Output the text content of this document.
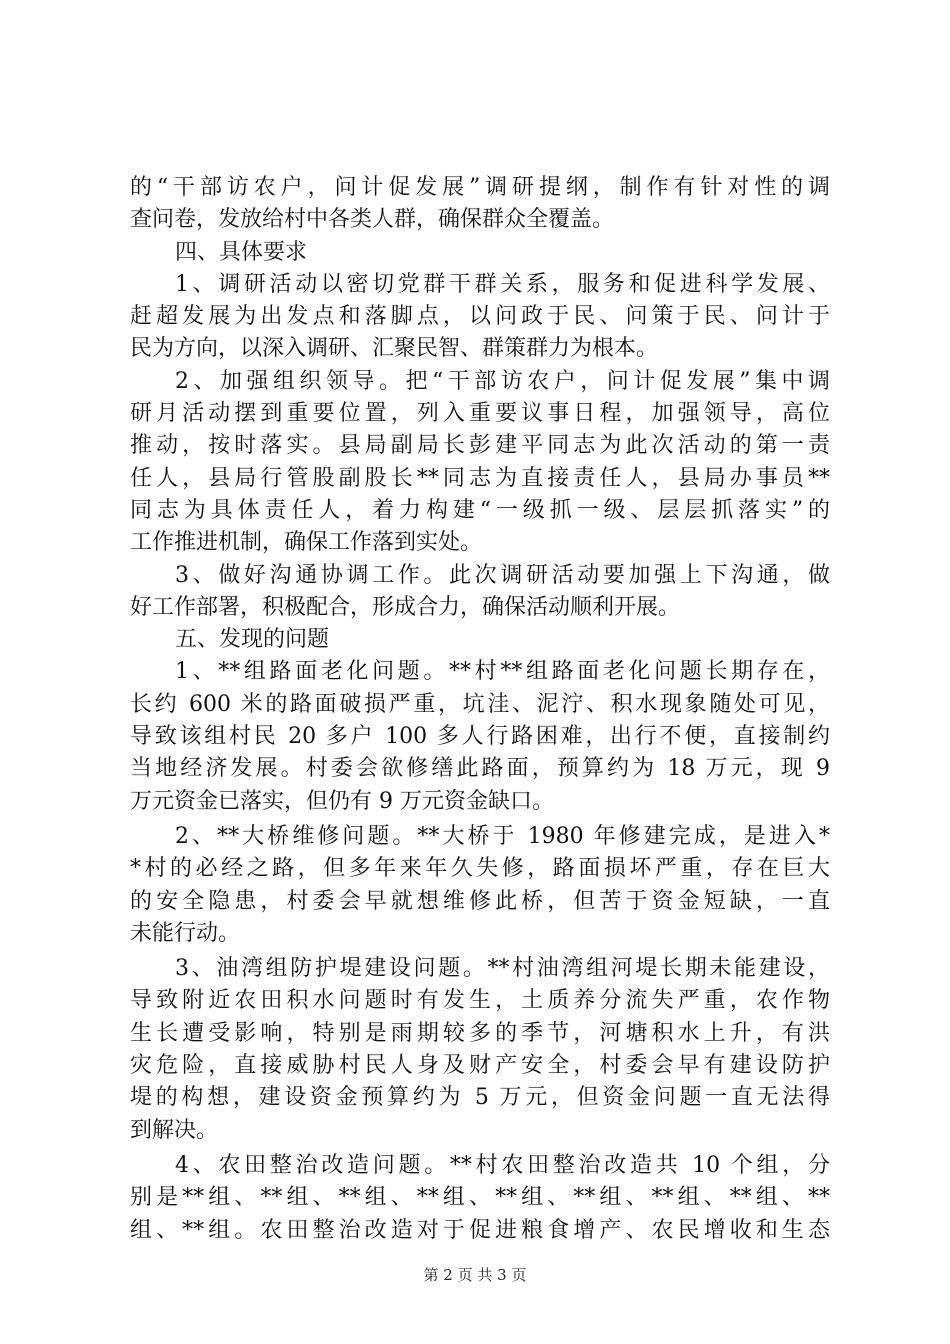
的“干部访农户，问计促发展”调研提纲，制作有针对性的调
查问卷，发放给村中各类人群，确保群众全覆盖。
四、具体要求
1、调研活动以密切党群干群关系，服务和促进科学发展、
赶超发展为出发点和落脚点，以问政于民、问策于民、问计于
民为方向，以深入调研、汇聚民智、群策群力为根本。
2、加强组织领导。把“干部访农户，问计促发展”集中调
研月活动摆到重要位置，列入重要议事日程，加强领导，高位
推动，按时落实。县局副局长彭建平同志为此次活动的第一责
任人，县局行管股副股长**同志为直接责任人，县局办事员**
同志为具体责任人，着力构建“一级抓一级、层层抓落实”的
工作推进机制，确保工作落到实处。
3、做好沟通协调工作。此次调研活动要加强上下沟通，做
好工作部署，积极配合，形成合力，确保活动顺利开展。
五、发现的问题
1、**组路面老化问题。**村**组路面老化问题长期存在，
长约 600 米的路面破损严重，坑洼、泥泞、积水现象随处可见，
导致该组村民 20 多户 100 多人行路困难，出行不便，直接制约
当地经济发展。村委会欲修缮此路面，预算约为 18 万元，现 9
万元资金已落实，但仍有 9 万元资金缺口。
2、**大桥维修问题。**大桥于 1980 年修建完成，是进入*
*村的必经之路，但多年来年久失修，路面损坏严重，存在巨大
的安全隐患，村委会早就想维修此桥，但苦于资金短缺，一直
未能行动。
3、油湾组防护堤建设问题。**村油湾组河堤长期未能建设，
导致附近农田积水问题时有发生，土质养分流失严重，农作物
生长遭受影响，特别是雨期较多的季节，河塘积水上升，有洪
灾危险，直接威胁村民人身及财产安全，村委会早有建设防护
堤的构想，建设资金预算约为 5 万元，但资金问题一直无法得
到解决。
4、农田整治改造问题。**村农田整治改造共 10 个组，分
别是**组、**组、**组、**组、**组、**组、**组、**组、**
组、**组。农田整治改造对于促进粮食增产、农民增收和生态
第 2 页 共 3 页
